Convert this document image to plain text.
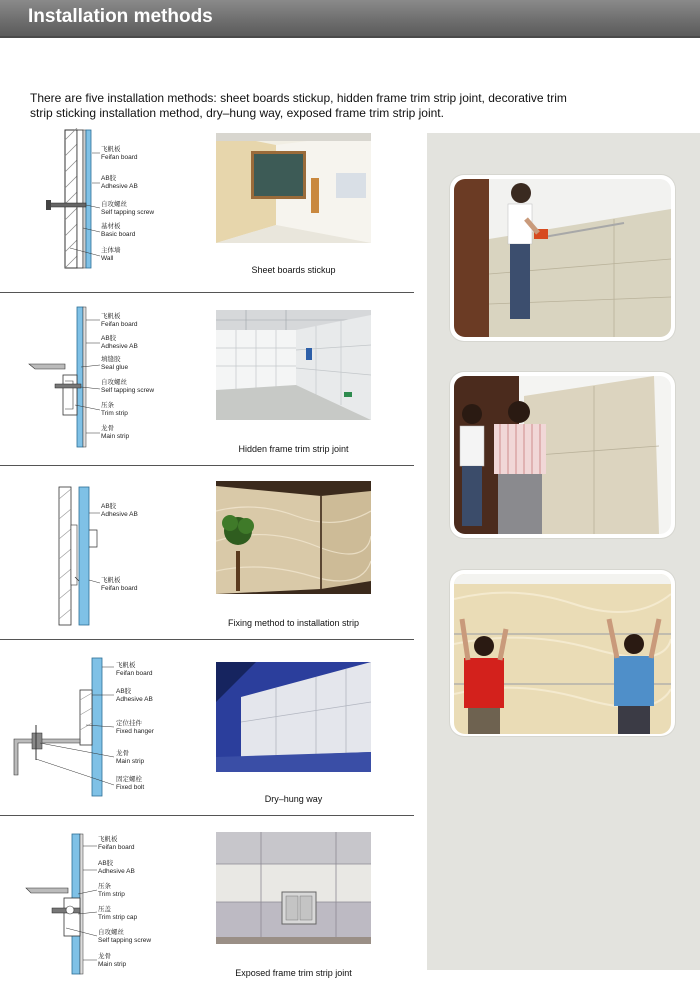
Installation methods

There are five installation methods: sheet boards stickup, hidden frame trim strip joint, decorative trim strip sticking installation method, dry–hung way, exposed frame trim strip joint.

飞帆板
Feifan board
AB胶
Adhesive AB
自攻螺丝
Self tapping screw
基材板
Basic board
主体墙
Wall
Sheet boards stickup
飞帆板
Feifan board
AB胶
Adhesive AB
填缝胶
Seal glue
自攻螺丝
Self tapping screw
压条
Trim strip
龙骨
Main strip
Hidden frame trim strip joint
AB胶
Adhesive AB
飞帆板
Feifan board
Fixing method to installation strip
飞帆板
Feifan board
AB胶
Adhesive AB
定位挂件
Fixed hanger
龙骨
Main strip
固定螺栓
Fixed bolt
Dry–hung way
飞帆板
Feifan board
AB胶
Adhesive AB
压条
Trim strip
压盖
Trim strip cap
自攻螺丝
Self tapping screw
龙骨
Main strip
Exposed frame trim strip joint
